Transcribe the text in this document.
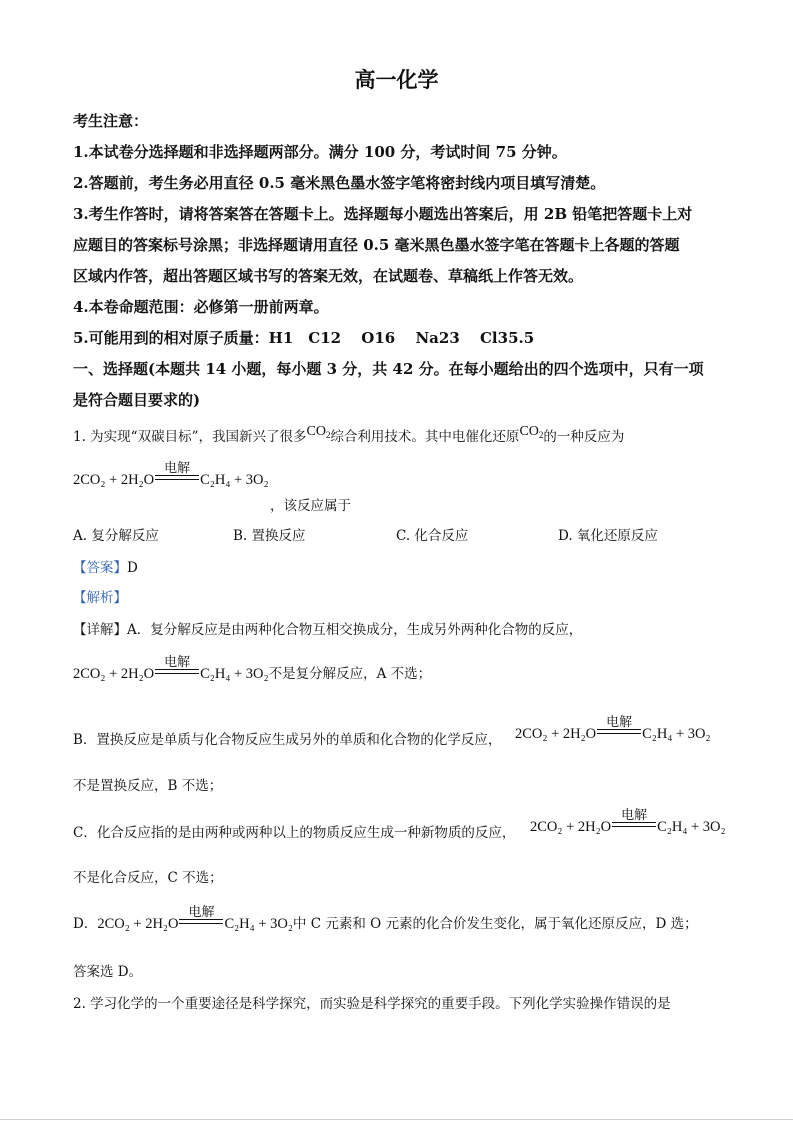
高一化学
考生注意：
1.本试卷分选择题和非选择题两部分。满分 100 分，考试时间 75 分钟。
2.答题前，考生务必用直径 0.5 毫米黑色墨水签字笔将密封线内项目填写清楚。
3.考生作答时，请将答案答在答题卡上。选择题每小题选出答案后，用 2B 铅笔把答题卡上对
应题目的答案标号涂黑；非选择题请用直径 0.5 毫米黑色墨水签字笔在答题卡上各题的答题
区域内作答，超出答题区域书写的答案无效，在试题卷、草稿纸上作答无效。
4.本卷命题范围：必修第一册前两章。
5.可能用到的相对原子质量：H1　C12　 O16　 Na23　 Cl35.5
一、选择题(本题共 14 小题，每小题 3 分，共 42 分。在每小题给出的四个选项中，只有一项
是符合题目要求的)
1. 为实现“双碳目标”，我国新兴了很多$CO_2$综合利用技术。其中电催化还原$CO_2$的一种反应为
2CO₂ + 2H₂O
电解
C₂H₄ + 3O₂
，该反应属于
A. 复分解反应	B. 置换反应	C. 化合反应	D. 氧化还原反应
【答案】D
【解析】
【详解】A．复分解反应是由两种化合物互相交换成分，生成另外两种化合物的反应，
2CO₂ + 2H₂O
电解
C₂H₄ + 3O₂不是复分解反应，A 不选；
B．置换反应是单质与化合物反应生成另外的单质和化合物的化学反应， 2CO₂ + 2H₂O
电解
C₂H₄ + 3O₂
不是置换反应，B 不选；
C．化合反应指的是由两种或两种以上的物质反应生成一种新物质的反应， 2CO₂ + 2H₂O
电解
C₂H₄ + 3O₂
不是化合反应，C 不选；
D．2CO₂ + 2H₂O
电解
C₂H₄ + 3O₂中 C 元素和 O 元素的化合价发生变化，属于氧化还原反应，D 选；
答案选 D。
2. 学习化学的一个重要途径是科学探究，而实验是科学探究的重要手段。下列化学实验操作错误的是
